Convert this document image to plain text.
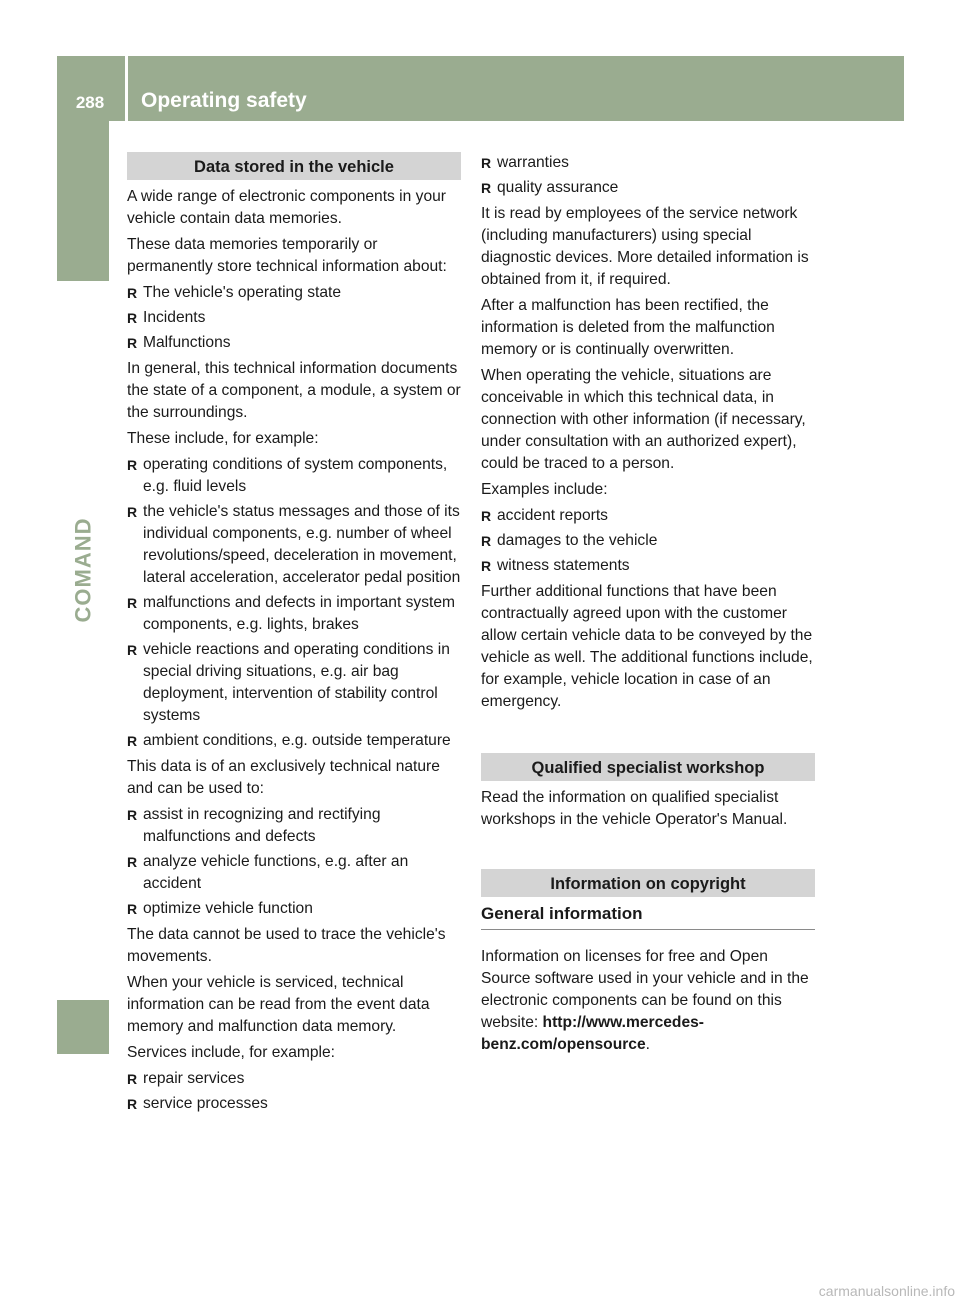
288	Operating safety
COMAND
Data stored in the vehicle

A wide range of electronic components in your vehicle contain data memories.

These data memories temporarily or permanently store technical information about:

R The vehicle's operating state
R Incidents
R Malfunctions

In general, this technical information documents the state of a component, a module, a system or the surroundings.

These include, for example:

R operating conditions of system components, e.g. fluid levels
R the vehicle's status messages and those of its individual components, e.g. number of wheel revolutions/speed, deceleration in movement, lateral acceleration, accelerator pedal position
R malfunctions and defects in important system components, e.g. lights, brakes
R vehicle reactions and operating conditions in special driving situations, e.g. air bag deployment, intervention of stability control systems
R ambient conditions, e.g. outside temperature

This data is of an exclusively technical nature and can be used to:

R assist in recognizing and rectifying malfunctions and defects
R analyze vehicle functions, e.g. after an accident
R optimize vehicle function

The data cannot be used to trace the vehicle's movements.

When your vehicle is serviced, technical information can be read from the event data memory and malfunction data memory.

Services include, for example:

R repair services
R service processes
R warranties
R quality assurance

It is read by employees of the service network (including manufacturers) using special diagnostic devices. More detailed information is obtained from it, if required.

After a malfunction has been rectified, the information is deleted from the malfunction memory or is continually overwritten.

When operating the vehicle, situations are conceivable in which this technical data, in connection with other information (if necessary, under consultation with an authorized expert), could be traced to a person.

Examples include:

R accident reports
R damages to the vehicle
R witness statements

Further additional functions that have been contractually agreed upon with the customer allow certain vehicle data to be conveyed by the vehicle as well. The additional functions include, for example, vehicle location in case of an emergency.

Qualified specialist workshop

Read the information on qualified specialist workshops in the vehicle Operator's Manual.

Information on copyright
General information

Information on licenses for free and Open Source software used in your vehicle and in the electronic components can be found on this website: http://www.mercedes-benz.com/opensource.

carmanualsonline.info
